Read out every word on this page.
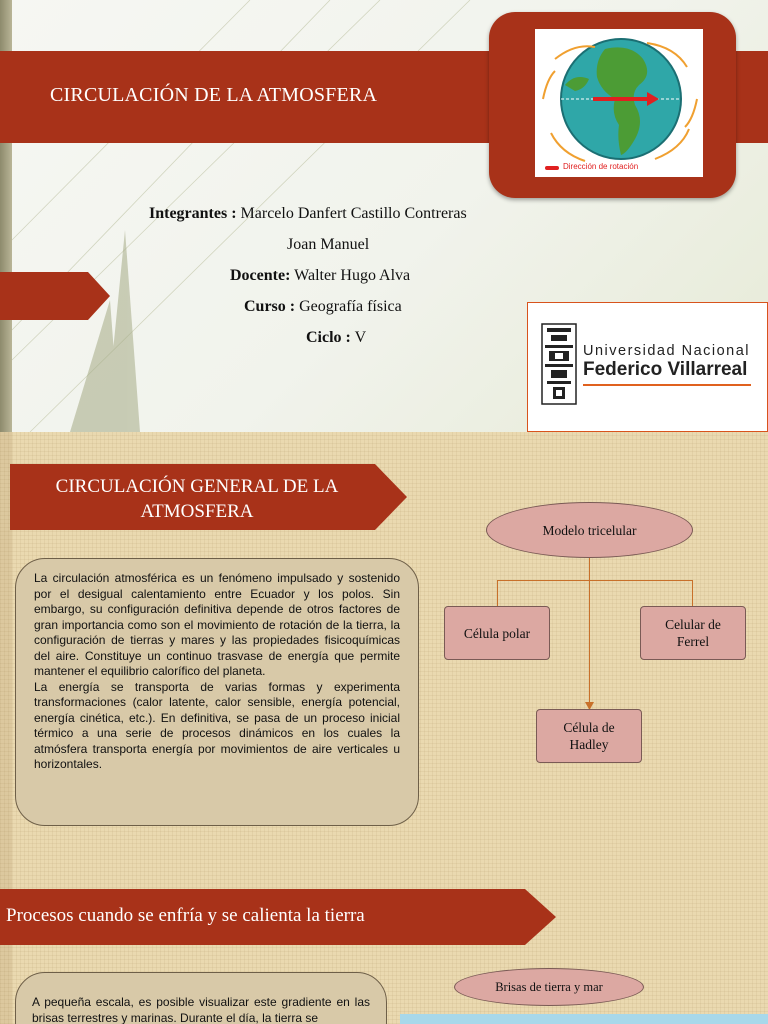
CIRCULACIÓN DE LA ATMOSFERA
Dirección de rotación
Integrantes : Marcelo Danfert Castillo Contreras
Joan Manuel
Docente: Walter Hugo Alva
Curso : Geografía física
Ciclo : V
Universidad Nacional
Federico Villarreal
CIRCULACIÓN GENERAL DE LA
ATMOSFERA
La circulación atmosférica es un fenómeno impulsado y sostenido por el desigual calentamiento entre Ecuador y los polos. Sin embargo, su configuración definitiva depende de otros factores de gran importancia como son el movimiento de rotación de la tierra, la configuración de tierras y mares y las propiedades fisicoquímicas del aire. Constituye un continuo trasvase de energía que permite mantener el equilibrio calorífico del planeta.
La energía se transporta de varias formas y experimenta transformaciones (calor latente, calor sensible, energía potencial, energía cinética, etc.). En definitiva, se pasa de un proceso inicial térmico a una serie de procesos dinámicos en los cuales la atmósfera transporta energía por movimientos de aire verticales u horizontales.
Modelo tricelular
Célula polar
Celular de Ferrel
Célula de Hadley
Procesos cuando se enfría y se calienta la tierra
A pequeña escala, es posible visualizar este gradiente en las brisas terrestres y marinas. Durante el día, la tierra se
Brisas de tierra y mar
